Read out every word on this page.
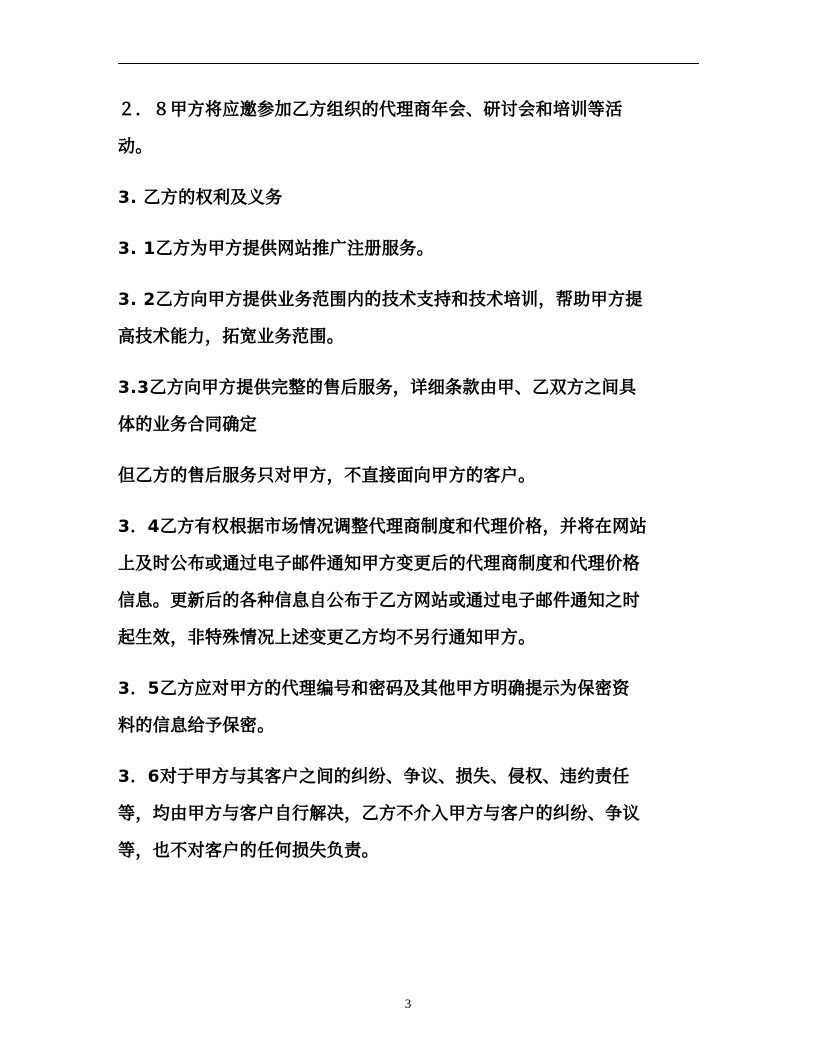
２．８甲方将应邀参加乙方组织的代理商年会、研讨会和培训等活
动。

3. 乙方的权利及义务

3. 1乙方为甲方提供网站推广注册服务。

3. 2乙方向甲方提供业务范围内的技术支持和技术培训，帮助甲方提
高技术能力，拓宽业务范围。

3.3乙方向甲方提供完整的售后服务，详细条款由甲、乙双方之间具
体的业务合同确定

但乙方的售后服务只对甲方，不直接面向甲方的客户。

3．4乙方有权根据市场情况调整代理商制度和代理价格，并将在网站
上及时公布或通过电子邮件通知甲方变更后的代理商制度和代理价格
信息。更新后的各种信息自公布于乙方网站或通过电子邮件通知之时
起生效，非特殊情况上述变更乙方均不另行通知甲方。

3．5乙方应对甲方的代理编号和密码及其他甲方明确提示为保密资
料的信息给予保密。

3．6对于甲方与其客户之间的纠纷、争议、损失、侵权、违约责任
等，均由甲方与客户自行解决，乙方不介入甲方与客户的纠纷、争议
等，也不对客户的任何损失负责。

3
